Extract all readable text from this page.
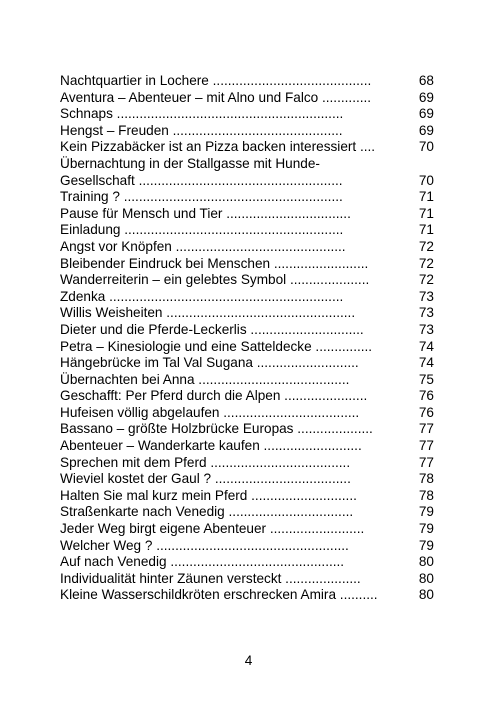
Nachtquartier in Lochere ..........................................	68
Aventura – Abenteuer – mit Alno und Falco .............	69
Schnaps ............................................................	69
Hengst – Freuden .............................................	69
Kein Pizzabäcker ist an Pizza backen interessiert ....	70
Übernachtung in der Stallgasse mit Hunde-
Gesellschaft ......................................................	70
Training ? ..........................................................	71
Pause für Mensch und Tier .................................	71
Einladung ..........................................................	71
Angst vor Knöpfen .............................................	72
Bleibender Eindruck bei Menschen .........................	72
Wanderreiterin – ein gelebtes Symbol .....................	72
Zdenka ..............................................................	73
Willis Weisheiten ..................................................	73
Dieter und die Pferde-Leckerlis ..............................	73
Petra – Kinesiologie und eine Satteldecke ...............	74
Hängebrücke im Tal Val Sugana ...........................	74
Übernachten bei Anna ........................................	75
Geschafft: Per Pferd durch die Alpen ......................	76
Hufeisen völlig abgelaufen ....................................	76
Bassano – größte Holzbrücke Europas ....................	77
Abenteuer – Wanderkarte kaufen ..........................	77
Sprechen mit dem Pferd .....................................	77
Wieviel kostet der Gaul ? ....................................	78
Halten Sie mal kurz mein Pferd ............................	78
Straßenkarte nach Venedig .................................	79
Jeder Weg birgt eigene Abenteuer .........................	79
Welcher Weg ? ...................................................	79
Auf nach Venedig ..............................................	80
Individualität hinter Zäunen versteckt ....................	80
Kleine Wasserschildkröten erschrecken Amira ..........	80
4
